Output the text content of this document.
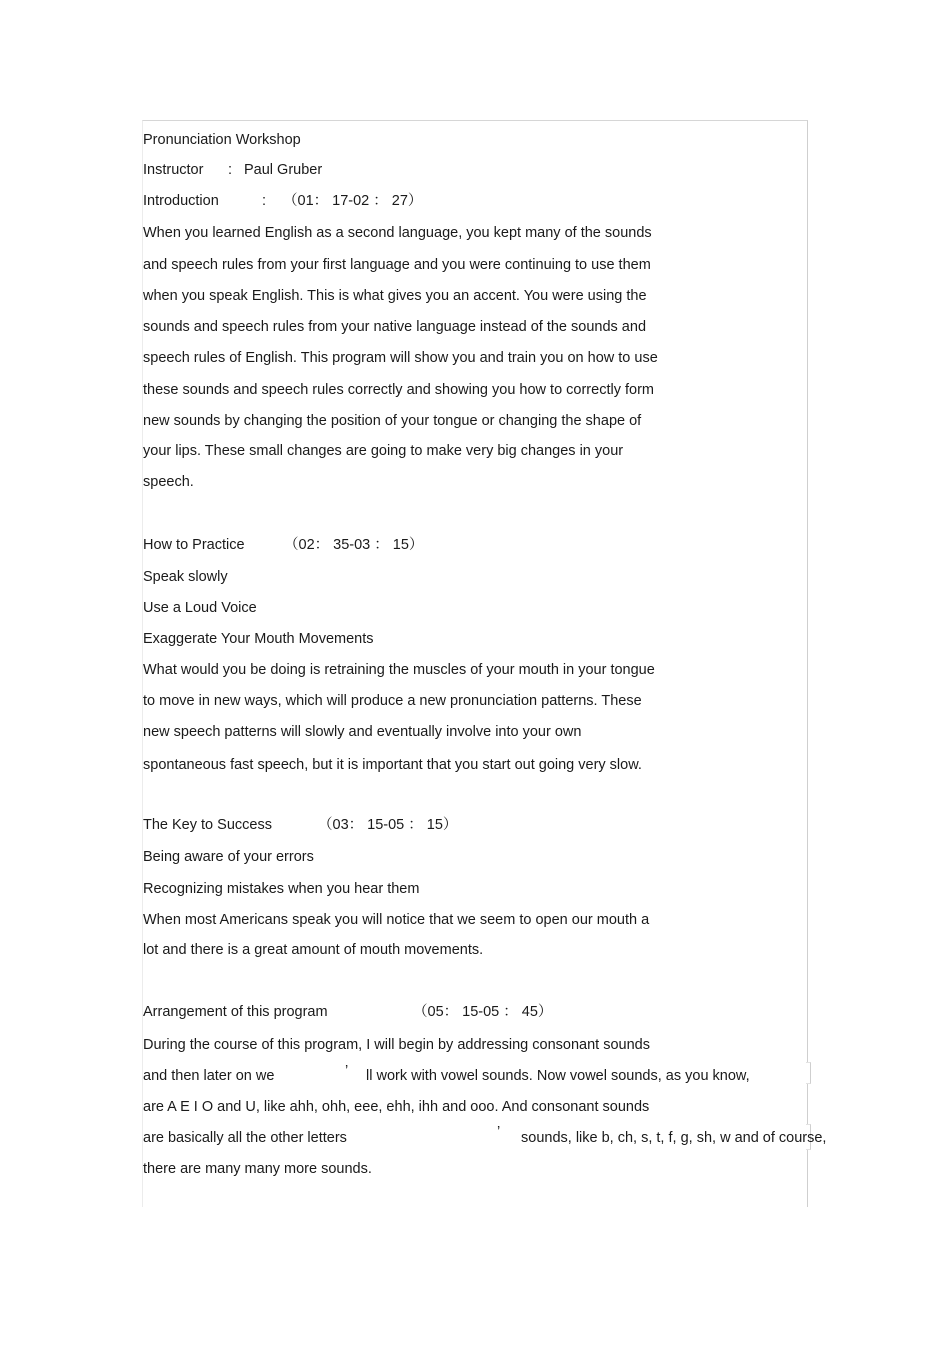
Pronunciation Workshop
Instructor : Paul Gruber
Introduction	: （01： 17-02 ： 27）
When you learned English as a second language, you kept many of the sounds
and speech rules from your first language and you were continuing to use them
when you speak English. This is what gives you an accent. You were using the
sounds and speech rules from your native language instead of the sounds and
speech rules of English. This program will show you and train you on how to use
these sounds and speech rules correctly and showing you how to correctly form
new sounds by changing the position of your tongue or changing the shape of
your lips. These small changes are going to make very big changes in your
speech.
How to Practice	（02： 35-03 ： 15）
Speak slowly
Use a Loud Voice
Exaggerate Your Mouth Movements
What would you be doing is retraining the muscles of your mouth in your tongue
to move in new ways, which will produce a new pronunciation patterns. These
new speech patterns will slowly and eventually involve into your own
spontaneous fast speech, but it is important that you start out going very slow.
The Key to Success	（03： 15-05 ： 15）
Being aware of your errors
Recognizing mistakes when you hear them
When most Americans speak you will notice that we seem to open our mouth a
lot and there is a great amount of mouth movements.
Arrangement of this program	（05： 15-05 ： 45）
During the course of this program, I will begin by addressing consonant sounds
and then later on we	’ ll work with vowel sounds. Now vowel sounds, as you know,
are A E I O and U, like ahh, ohh, eee, ehh, ihh and ooo. And consonant sounds
are basically all the other letters	’ sounds, like b, ch, s, t, f, g, sh, w and of course,
there are many many more sounds.
